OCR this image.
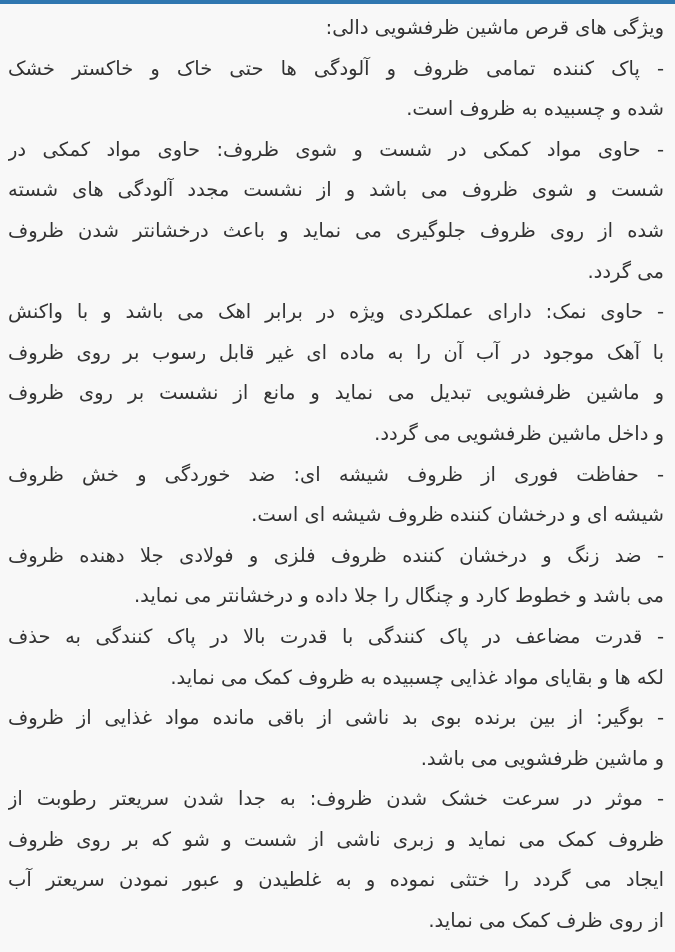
ویژگی های قرص ماشین ظرفشویی دالی:
- پاک کننده تمامی ظروف و آلودگی ها حتی خاک و خاکستر خشک
شده و چسبیده به ظروف است.
- حاوی مواد کمکی در شست و شوی ظروف: حاوی مواد کمکی در
شست و شوی ظروف می باشد و از نشست مجدد آلودگی های شسته
شده از روی ظروف جلوگیری می نماید و باعث درخشانتر شدن ظروف
می گردد.
- حاوی نمک: دارای عملکردی ویژه در برابر اهک می باشد و با واکنش
با آهک موجود در آب آن را به ماده ای غیر قابل رسوب بر روی ظروف
و ماشین ظرفشویی تبدیل می نماید و مانع از نشست بر روی ظروف
و داخل ماشین ظرفشویی می گردد.
- حفاظت فوری از ظروف شیشه ای: ضد خوردگی و خش ظروف
شیشه ای و درخشان کننده ظروف شیشه ای است.
- ضد زنگ و درخشان کننده ظروف فلزی و فولادی جلا دهنده ظروف
می باشد و خطوط کارد و چنگال را جلا داده و درخشانتر می نماید.
- قدرت مضاعف در پاک کنندگی با قدرت بالا در پاک کنندگی به حذف
لکه ها و بقایای مواد غذایی چسبیده به ظروف کمک می نماید.
- بوگیر: از بین برنده بوی بد ناشی از باقی مانده مواد غذایی از ظروف
و ماشین ظرفشویی می باشد.
- موثر در سرعت خشک شدن ظروف: به جدا شدن سریعتر رطوبت از
ظروف کمک می نماید و زبری ناشی از شست و شو که بر روی ظروف
ایجاد می گردد را ختثی نموده و به غلطیدن و عبور نمودن سریعتر آب
از روی ظرف کمک می نماید.
